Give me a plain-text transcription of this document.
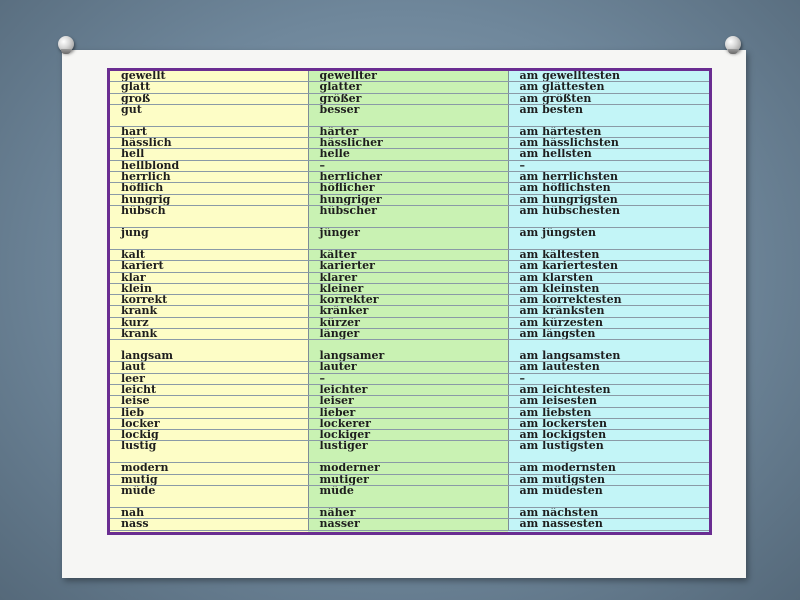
gewellt	gewellter	am gewelltesten
glatt	glatter	am glättesten
groß	größer	am größten
gut	besser	am besten
hart	härter	am härtesten
hässlich	hässlicher	am hässlichsten
hell	helle	am hellsten
hellblond	–	–
herrlich	herrlicher	am herrlichsten
höflich	höflicher	am höflichsten
hungrig	hungriger	am hungrigsten
hübsch	hübscher	am hübschesten
jung	jünger	am jüngsten
kalt	kälter	am kältesten
kariert	karierter	am kariertesten
klar	klarer	am klarsten
klein	kleiner	am kleinsten
korrekt	korrekter	am korrektesten
krank	kränker	am kränksten
kurz	kürzer	am kürzesten
krank	länger	am längsten
langsam	langsamer	am langsamsten
laut	lauter	am lautesten
leer	–	–
leicht	leichter	am leichtesten
leise	leiser	am leisesten
lieb	lieber	am liebsten
locker	lockerer	am lockersten
lockig	lockiger	am lockigsten
lustig	lustiger	am lustigsten
modern	moderner	am modernsten
mutig	mutiger	am mutigsten
müde	müde	am müdesten
nah	näher	am nächsten
nass	nasser	am nassesten
